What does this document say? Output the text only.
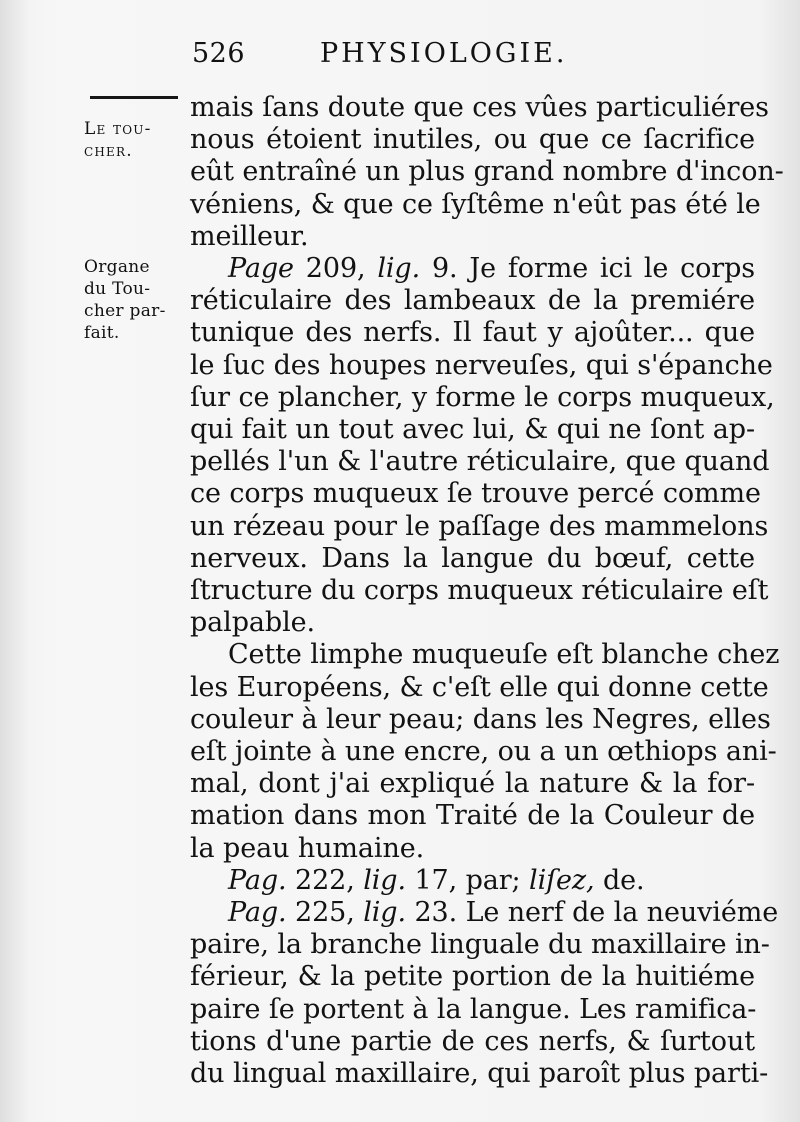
526	PHYSIOLOGIE.
Le tou-
cher.
Organe
du Tou-
cher par-
fait.
mais ſans doute que ces vûes particuliéres
nous étoient inutiles, ou que ce ſacrifice
eût entraîné un plus grand nombre d'incon-
véniens, & que ce ſyſtême n'eût pas été le
meilleur.
Page 209, lig. 9. Je forme ici le corps
réticulaire des lambeaux de la premiére
tunique des nerfs. Il faut y ajoûter... que
le ſuc des houpes nerveuſes, qui s'épanche
ſur ce plancher, y forme le corps muqueux,
qui fait un tout avec lui, & qui ne ſont ap-
pellés l'un & l'autre réticulaire, que quand
ce corps muqueux ſe trouve percé comme
un rézeau pour le paſſage des mammelons
nerveux. Dans la langue du bœuf, cette
ſtructure du corps muqueux réticulaire eſt
palpable.
Cette limphe muqueuſe eſt blanche chez
les Européens, & c'eſt elle qui donne cette
couleur à leur peau; dans les Negres, elles
eſt jointe à une encre, ou a un œthiops ani-
mal, dont j'ai expliqué la nature & la for-
mation dans mon Traité de la Couleur de
la peau humaine.
Pag. 222, lig. 17, par; liſez, de.
Pag. 225, lig. 23. Le nerf de la neuviéme
paire, la branche linguale du maxillaire in-
férieur, & la petite portion de la huitiéme
paire ſe portent à la langue. Les ramifica-
tions d'une partie de ces nerfs, & ſurtout
du lingual maxillaire, qui paroît plus parti-
